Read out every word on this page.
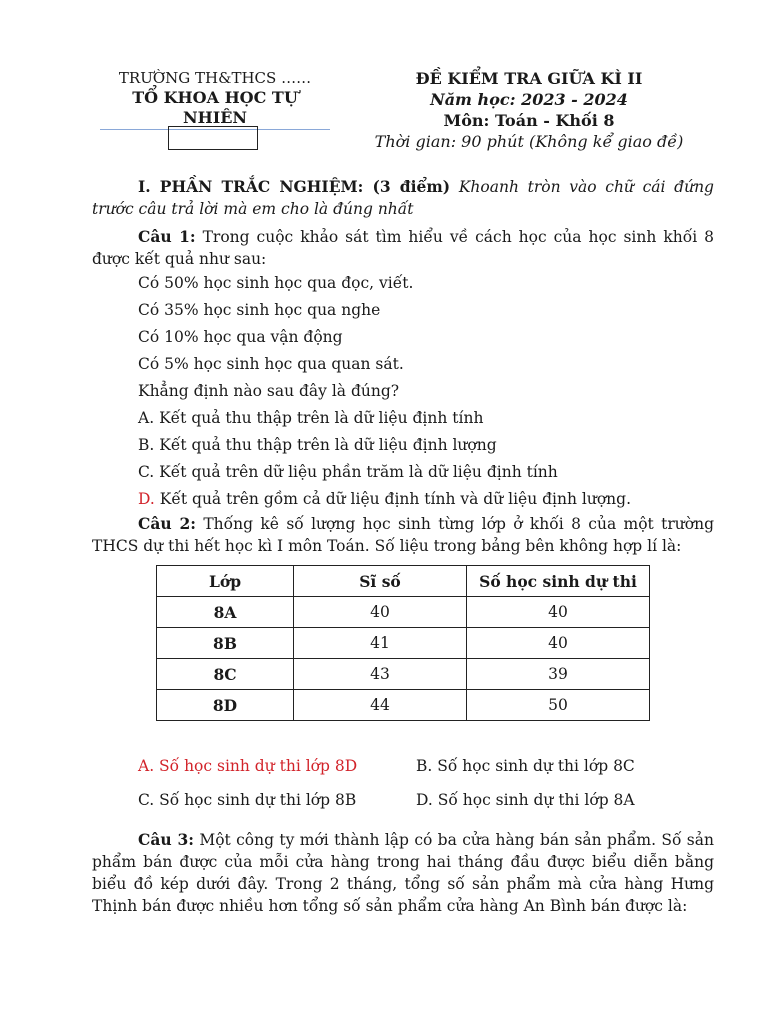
TRƯỜNG TH&THCS ……
TỔ KHOA HỌC TỰ NHIÊN
ĐỀ KIỂM TRA GIỮA KÌ II
Năm học: 2023 - 2024
Môn: Toán - Khối 8
Thời gian: 90 phút (Không kể giao đề)

I. PHẦN TRẮC NGHIỆM: (3 điểm) Khoanh tròn vào chữ cái đứng trước câu trả lời mà em cho là đúng nhất

Câu 1: Trong cuộc khảo sát tìm hiểu về cách học của học sinh khối 8 được kết quả như sau:

Có 50% học sinh học qua đọc, viết.

Có 35% học sinh học qua nghe

Có 10% học qua vận động

Có 5% học sinh học qua quan sát.

Khẳng định nào sau đây là đúng?

A. Kết quả thu thập trên là dữ liệu định tính

B. Kết quả thu thập trên là dữ liệu định lượng

C. Kết quả trên dữ liệu phần trăm là dữ liệu định tính

D. Kết quả trên gồm cả dữ liệu định tính và dữ liệu định lượng.

Câu 2: Thống kê số lượng học sinh từng lớp ở khối 8 của một trường THCS dự thi hết học kì I môn Toán. Số liệu trong bảng bên không hợp lí là:

Lớp	Sĩ số	Số học sinh dự thi
8A	40	40
8B	41	40
8C	43	39
8D	44	50
A. Số học sinh dự thi lớp 8D	B. Số học sinh dự thi lớp 8C
C. Số học sinh dự thi lớp 8B	D. Số học sinh dự thi lớp 8A

Câu 3: Một công ty mới thành lập có ba cửa hàng bán sản phẩm. Số sản phẩm bán được của mỗi cửa hàng trong hai tháng đầu được biểu diễn bằng biểu đồ kép dưới đây. Trong 2 tháng, tổng số sản phẩm mà cửa hàng Hưng Thịnh bán được nhiều hơn tổng số sản phẩm cửa hàng An Bình bán được là:
